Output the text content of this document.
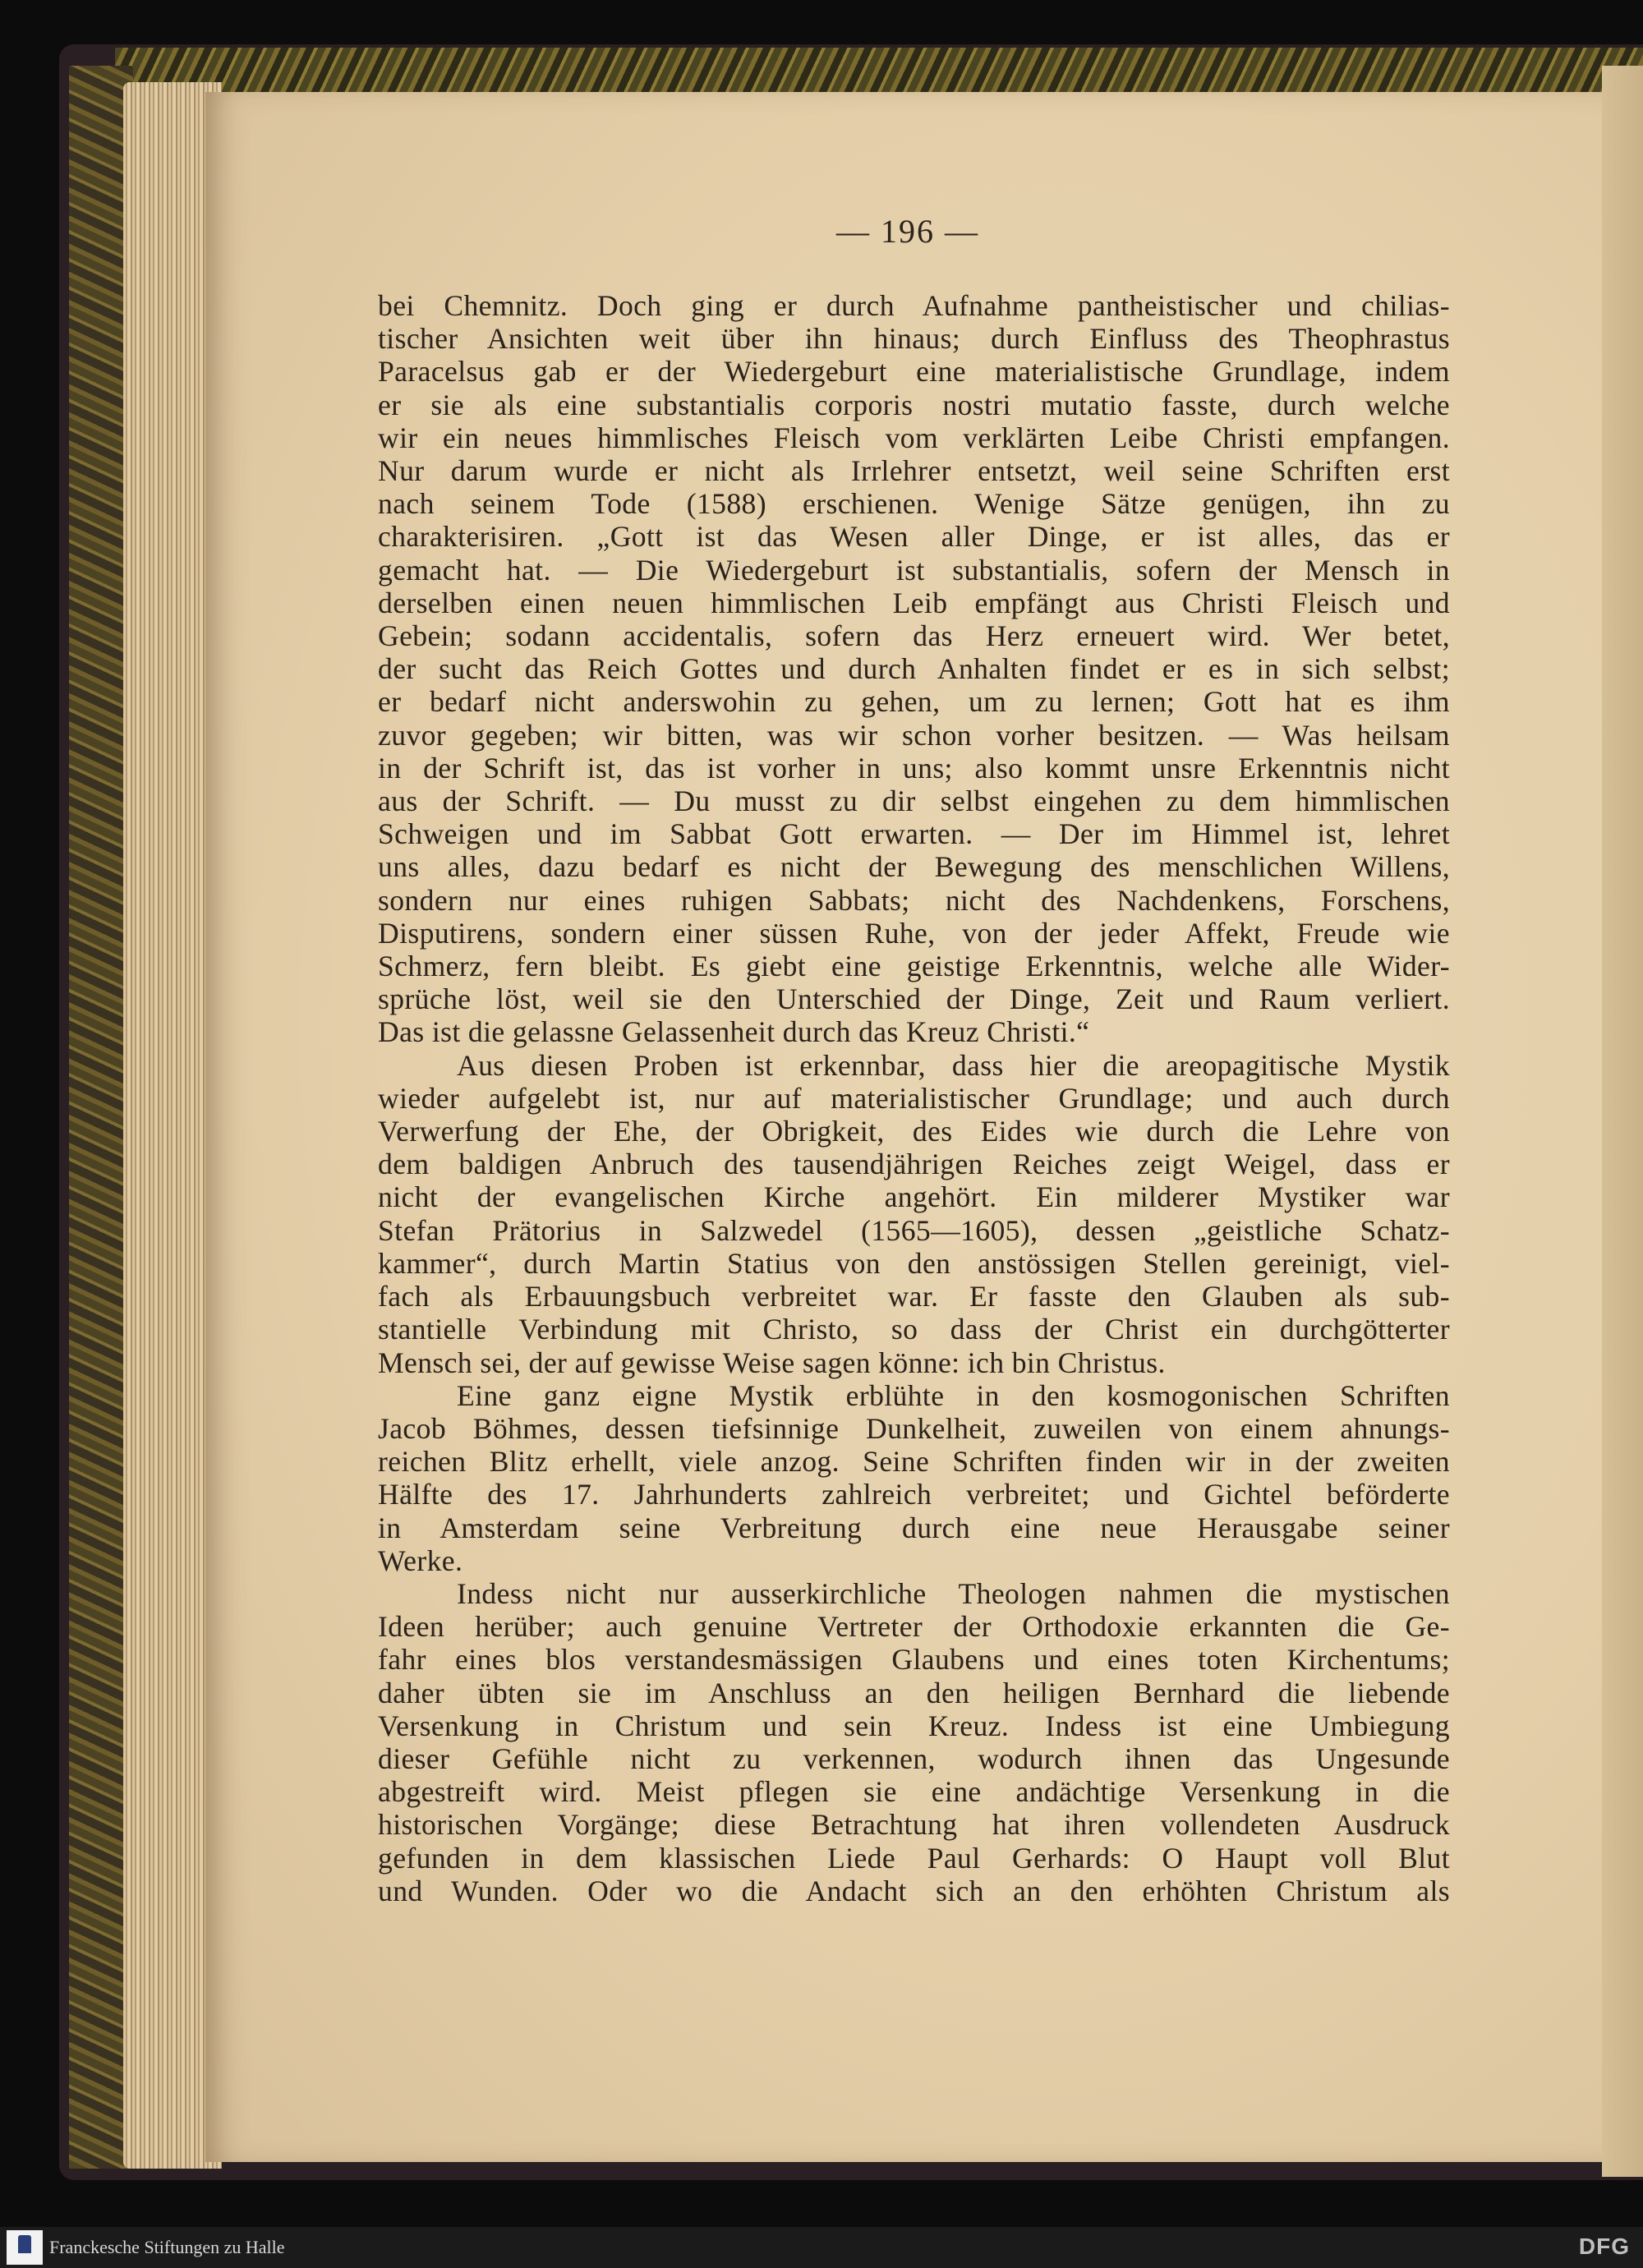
— 196 —
bei Chemnitz. Doch ging er durch Aufnahme pantheistischer und chilias-
tischer Ansichten weit über ihn hinaus; durch Einfluss des Theophrastus
Paracelsus gab er der Wiedergeburt eine materialistische Grundlage, indem
er sie als eine substantialis corporis nostri mutatio fasste, durch welche
wir ein neues himmlisches Fleisch vom verklärten Leibe Christi empfangen.
Nur darum wurde er nicht als Irrlehrer entsetzt, weil seine Schriften erst
nach seinem Tode (1588) erschienen. Wenige Sätze genügen, ihn zu
charakterisiren. „Gott ist das Wesen aller Dinge, er ist alles, das er
gemacht hat. — Die Wiedergeburt ist substantialis, sofern der Mensch in
derselben einen neuen himmlischen Leib empfängt aus Christi Fleisch und
Gebein; sodann accidentalis, sofern das Herz erneuert wird. Wer betet,
der sucht das Reich Gottes und durch Anhalten findet er es in sich selbst;
er bedarf nicht anderswohin zu gehen, um zu lernen; Gott hat es ihm
zuvor gegeben; wir bitten, was wir schon vorher besitzen. — Was heilsam
in der Schrift ist, das ist vorher in uns; also kommt unsre Erkenntnis nicht
aus der Schrift. — Du musst zu dir selbst eingehen zu dem himmlischen
Schweigen und im Sabbat Gott erwarten. — Der im Himmel ist, lehret
uns alles, dazu bedarf es nicht der Bewegung des menschlichen Willens,
sondern nur eines ruhigen Sabbats; nicht des Nachdenkens, Forschens,
Disputirens, sondern einer süssen Ruhe, von der jeder Affekt, Freude wie
Schmerz, fern bleibt. Es giebt eine geistige Erkenntnis, welche alle Wider-
sprüche löst, weil sie den Unterschied der Dinge, Zeit und Raum verliert.
Das ist die gelassne Gelassenheit durch das Kreuz Christi.“
Aus diesen Proben ist erkennbar, dass hier die areopagitische Mystik
wieder aufgelebt ist, nur auf materialistischer Grundlage; und auch durch
Verwerfung der Ehe, der Obrigkeit, des Eides wie durch die Lehre von
dem baldigen Anbruch des tausendjährigen Reiches zeigt Weigel, dass er
nicht der evangelischen Kirche angehört. Ein milderer Mystiker war
Stefan Prätorius in Salzwedel (1565—1605), dessen „geistliche Schatz-
kammer“, durch Martin Statius von den anstössigen Stellen gereinigt, viel-
fach als Erbauungsbuch verbreitet war. Er fasste den Glauben als sub-
stantielle Verbindung mit Christo, so dass der Christ ein durchgötterter
Mensch sei, der auf gewisse Weise sagen könne: ich bin Christus.
Eine ganz eigne Mystik erblühte in den kosmogonischen Schriften
Jacob Böhmes, dessen tiefsinnige Dunkelheit, zuweilen von einem ahnungs-
reichen Blitz erhellt, viele anzog. Seine Schriften finden wir in der zweiten
Hälfte des 17. Jahrhunderts zahlreich verbreitet; und Gichtel beförderte
in Amsterdam seine Verbreitung durch eine neue Herausgabe seiner
Werke.
Indess nicht nur ausserkirchliche Theologen nahmen die mystischen
Ideen herüber; auch genuine Vertreter der Orthodoxie erkannten die Ge-
fahr eines blos verstandesmässigen Glaubens und eines toten Kirchentums;
daher übten sie im Anschluss an den heiligen Bernhard die liebende
Versenkung in Christum und sein Kreuz. Indess ist eine Umbiegung
dieser Gefühle nicht zu verkennen, wodurch ihnen das Ungesunde
abgestreift wird. Meist pflegen sie eine andächtige Versenkung in die
historischen Vorgänge; diese Betrachtung hat ihren vollendeten Ausdruck
gefunden in dem klassischen Liede Paul Gerhards: O Haupt voll Blut
und Wunden. Oder wo die Andacht sich an den erhöhten Christum als
Franckesche Stiftungen zu Halle	DFG
